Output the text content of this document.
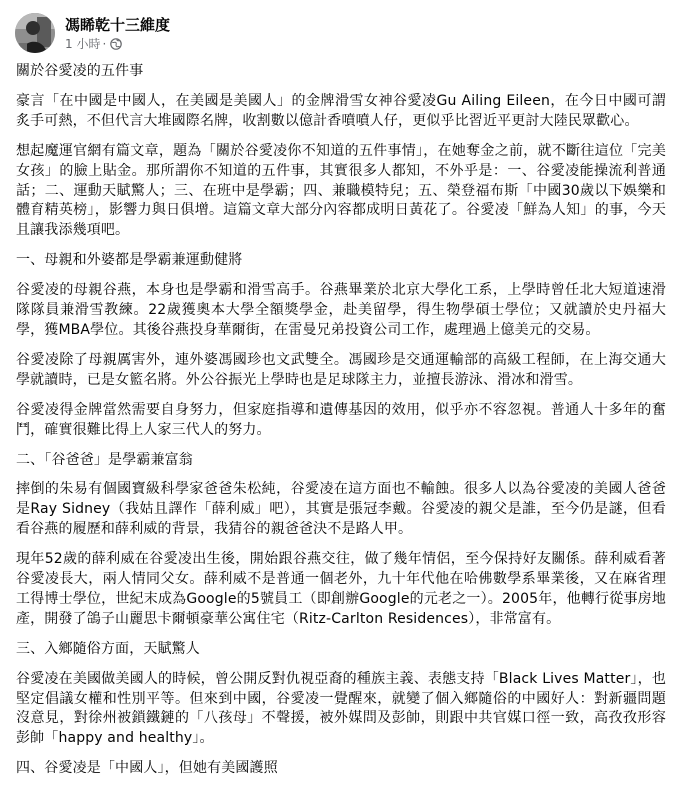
馮睎乾十三維度
1 小時 ·

關於谷愛凌的五件事

豪言「在中國是中國人，在美國是美國人」的金牌滑雪女神谷愛凌Gu Ailing Eileen，在今日中國可謂炙手可熱，不但代言大堆國際名牌，收割數以億計香噴噴人仔，更似乎比習近平更討大陸民眾歡心。

想起魔運官網有篇文章，題為「關於谷愛凌你不知道的五件事情」，在她奪金之前，就不斷往這位「完美女孩」的臉上貼金。那所謂你不知道的五件事，其實很多人都知，不外乎是：一、谷愛凌能操流利普通話；二、運動天賦驚人；三、在班中是學霸；四、兼職模特兒；五、榮登福布斯「中國30歲以下娛樂和體育精英榜」，影響力與日俱增。這篇文章大部分內容都成明日黃花了。谷愛凌「鮮為人知」的事，今天且讓我添幾項吧。

一、母親和外婆都是學霸兼運動健將

谷愛凌的母親谷燕，本身也是學霸和滑雪高手。谷燕畢業於北京大學化工系，上學時曾任北大短道速滑隊隊員兼滑雪教練。22歲獲奧本大學全額獎學金，赴美留學，得生物學碩士學位；又就讀於史丹福大學，獲MBA學位。其後谷燕投身華爾街，在雷曼兄弟投資公司工作，處理過上億美元的交易。

谷愛凌除了母親厲害外，連外婆馮國珍也文武雙全。馮國珍是交通運輸部的高級工程師，在上海交通大學就讀時，已是女籃名將。外公谷振光上學時也是足球隊主力，並擅長游泳、滑冰和滑雪。

谷愛凌得金牌當然需要自身努力，但家庭指導和遺傳基因的效用，似乎亦不容忽視。普通人十多年的奮鬥，確實很難比得上人家三代人的努力。

二、「谷爸爸」是學霸兼富翁

摔倒的朱易有個國寶級科學家爸爸朱松純，谷愛凌在這方面也不輸蝕。很多人以為谷愛凌的美國人爸爸是Ray Sidney（我姑且譯作「薛利威」吧），其實是張冠李戴。谷愛凌的親父是誰，至今仍是謎，但看看谷燕的履歷和薛利威的背景，我猜谷的親爸爸決不是路人甲。

現年52歲的薛利威在谷愛凌出生後，開始跟谷燕交往，做了幾年情侶，至今保持好友關係。薛利威看著谷愛凌長大，兩人情同父女。薛利威不是普通一個老外，九十年代他在哈佛數學系畢業後，又在麻省理工得博士學位，世紀末成為Google的5號員工（即創辦Google的元老之一）。2005年，他轉行從事房地產，開發了鴿子山麗思卡爾頓豪華公寓住宅（Ritz-Carlton Residences），非常富有。

三、入鄉隨俗方面，天賦驚人

谷愛凌在美國做美國人的時候，曾公開反對仇視亞裔的種族主義、表態支持「Black Lives Matter」，也堅定倡議女權和性別平等。但來到中國，谷愛凌一覺醒來，就變了個入鄉隨俗的中國好人：對新疆問題沒意見，對徐州被鎖鐵鏈的「八孩母」不聲援，被外媒問及彭帥，則跟中共官媒口徑一致，高孜孜形容彭帥「happy and healthy」。

四、谷愛凌是「中國人」，但她有美國護照
